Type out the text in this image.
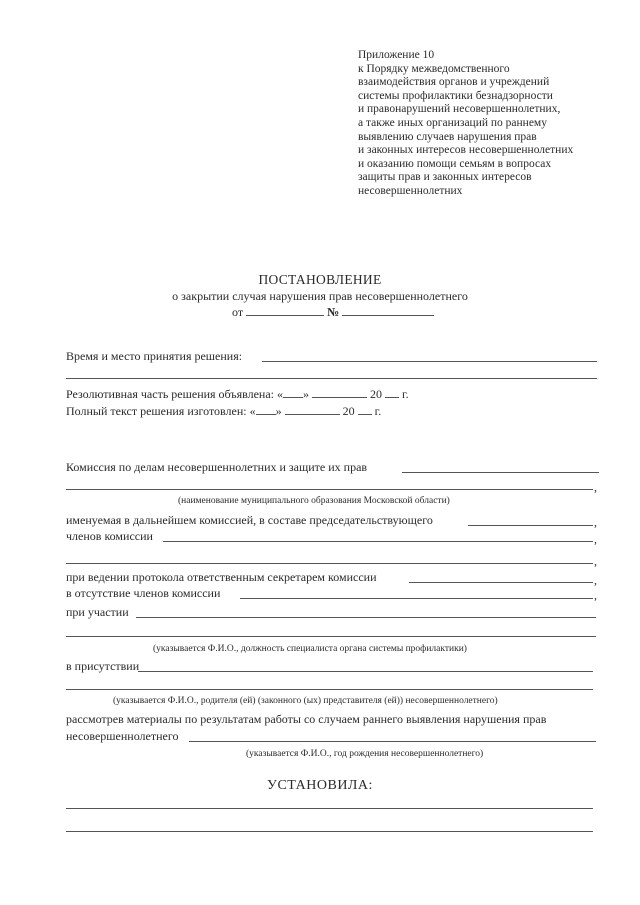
Приложение 10
к Порядку межведомственного
взаимодействия органов и учреждений
системы профилактики безнадзорности
и правонарушений несовершеннолетних,
а также иных организаций по раннему
выявлению случаев нарушения прав
и законных интересов несовершеннолетних
и оказанию помощи семьям в вопросах
защиты прав и законных интересов
несовершеннолетних
ПОСТАНОВЛЕНИЕ
о закрытии случая нарушения прав несовершеннолетнего
от	№
Время и место принятия решения:
Резолютивная часть решения объявлена: « »	20 г.
Полный текст решения изготовлен: « »	20 г.
Комиссия по делам несовершеннолетних и защите их прав
,
(наименование муниципального образования Московской области)
именуемая в дальнейшем комиссией, в составе председательствующего	,
членов комиссии	,
,
при ведении протокола ответственным секретарем комиссии	,
в отсутствие членов комиссии	,
при участии
(указывается Ф.И.О., должность специалиста органа системы профилактики)
в присутствии
(указывается Ф.И.О., родителя (ей) (законного (ых) представителя (ей)) несовершеннолетнего)
рассмотрев материалы по результатам работы со случаем раннего выявления нарушения прав
несовершеннолетнего
(указывается Ф.И.О., год рождения несовершеннолетнего)
УСТАНОВИЛА:
